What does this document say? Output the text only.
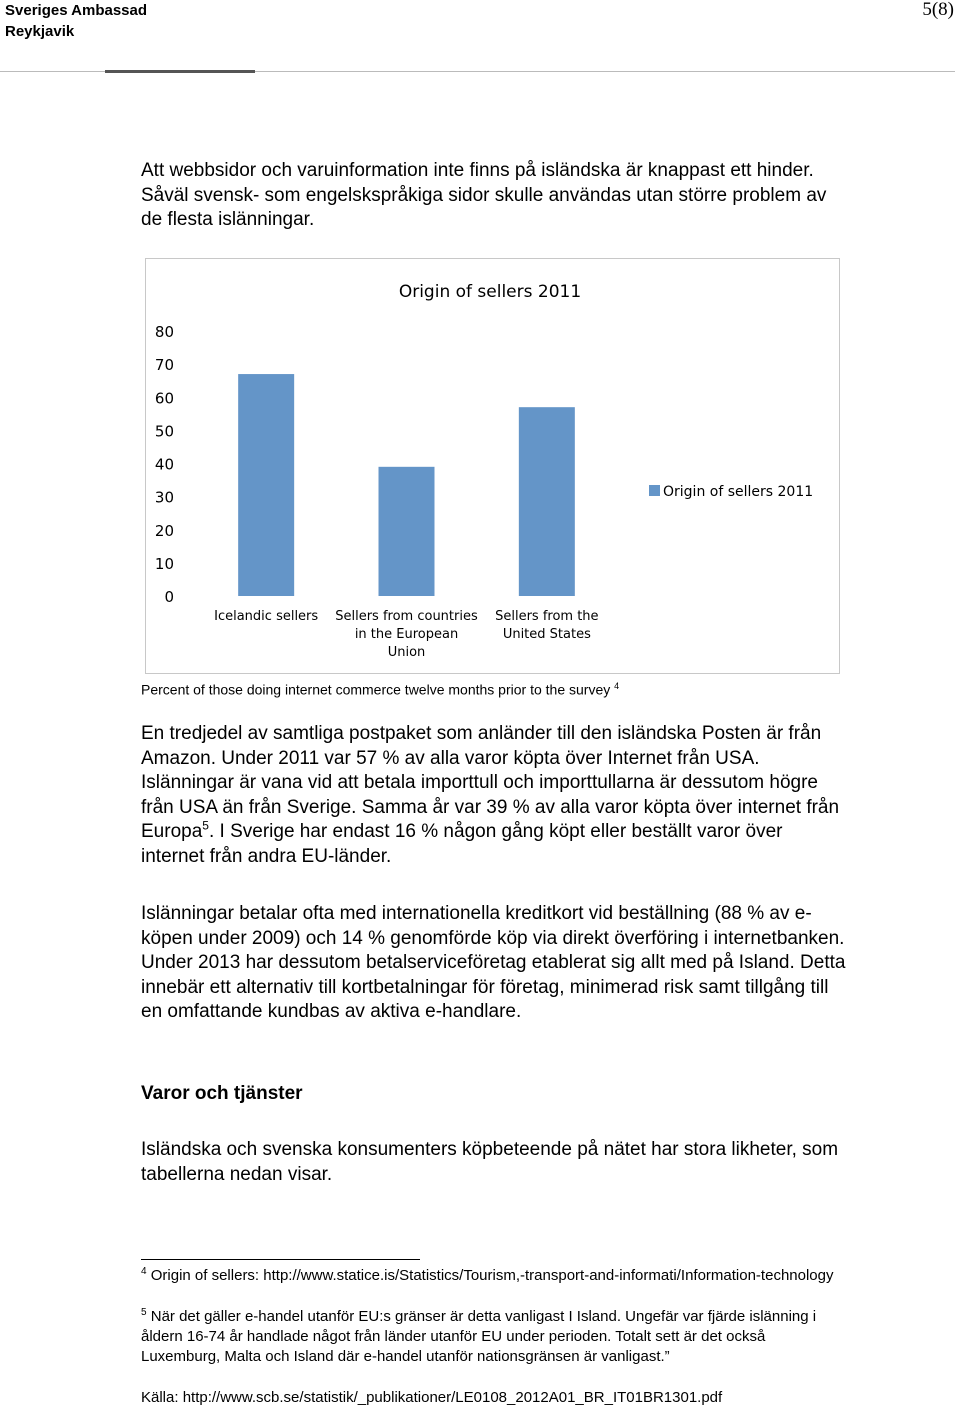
Sveriges Ambassad
Reykjavik
5(8)

Att webbsidor och varuinformation inte finns på isländska är knappast ett hinder. Såväl svensk- som engelskspråkiga sidor skulle användas utan större problem av de flesta islänningar.

Origin of sellers 2011
0
10
20
30
40
50
60
70
80
Icelandic sellers Sellers from countries
in the European
Union
Sellers from the
United States
Origin of sellers 2011
Percent of those doing internet commerce twelve months prior to the survey $^4$

En tredjedel av samtliga postpaket som anländer till den isländska Posten är från Amazon. Under 2011 var 57 % av alla varor köpta över Internet från USA. Islänningar är vana vid att betala importtull och importtullarna är dessutom högre från USA än från Sverige. Samma år var 39 % av alla varor köpta över internet från Europa$^5$. I Sverige har endast 16 % någon gång köpt eller beställt varor över internet från andra EU-länder.

Islänningar betalar ofta med internationella kreditkort vid beställning (88 % av e-köpen under 2009) och 14 % genomförde köp via direkt överföring i internetbanken. Under 2013 har dessutom betalserviceföretag etablerat sig allt med på Island. Detta innebär ett alternativ till kortbetalningar för företag, minimerad risk samt tillgång till en omfattande kundbas av aktiva e-handlare.

Varor och tjänster

Isländska och svenska konsumenters köpbeteende på nätet har stora likheter, som tabellerna nedan visar.

$^4$ Origin of sellers: http://www.statice.is/Statistics/Tourism,-transport-and-informati/Information-technology

$^5$ När det gäller e-handel utanför EU:s gränser är detta vanligast I Island. Ungefär var fjärde islänning i åldern 16-74 år handlade något från länder utanför EU under perioden. Totalt sett är det också Luxemburg, Malta och Island där e-handel utanför nationsgränsen är vanligast.”

Källa: http://www.scb.se/statistik/_publikationer/LE0108_2012A01_BR_IT01BR1301.pdf
